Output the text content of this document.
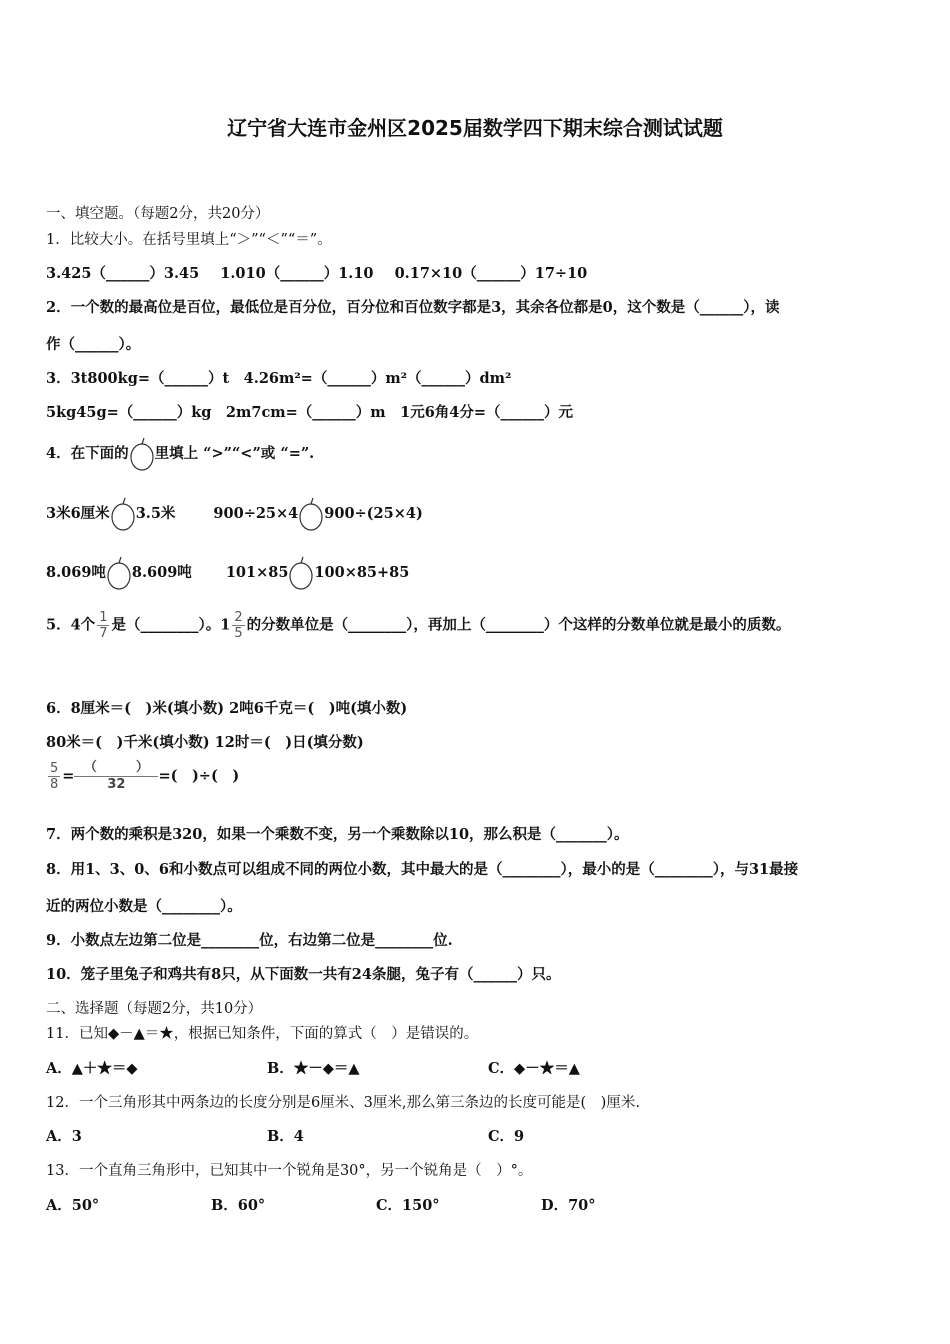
辽宁省大连市金州区2025届数学四下期末综合测试试题
一、填空题。（每题2分，共20分）
1．比较大小。在括号里填上“＞”“＜”“＝”。
3.425（______）3.45 1.010（______）1.10 0.17×10（______）17÷10
2．一个数的最高位是百位，最低位是百分位，百分位和百位数字都是3，其余各位都是0，这个数是（______），读
作（______）。
3．3t800kg=（______）t　4.26m²=（______）m²（______）dm²
5kg45g=（______）kg　2m7cm=（______）m　1元6角4分=（______）元
4．在下面的 里填上 “>”“<”或 “=”.
3米6厘米 3.5米	900÷25×4 900÷(25×4)
8.069吨 8.609吨 101×85 100×85+85
5．4个 $\frac{1}{7}$ 是（________）。$1 \frac{2}{5}$ 的分数单位是（________），再加上（________）个这样的分数单位就是最小的质数。
6．8厘米＝(　)米(填小数) 2吨6千克＝(　)吨(填小数)
80米＝(　)千米(填小数) 12时＝(　)日(填分数)
$\frac{5}{8} = \frac{( )}{32}$ =(　)÷(　)
7．两个数的乘积是320，如果一个乘数不变，另一个乘数除以10，那么积是（_______）。
8．用1、3、0、6和小数点可以组成不同的两位小数，其中最大的是（________），最小的是（________），与31最接
近的两位小数是（________）。
9．小数点左边第二位是________位，右边第二位是________位.
10．笼子里兔子和鸡共有8只，从下面数一共有24条腿，兔子有（______）只。
二、选择题（每题2分，共10分）
11．已知◆－▲＝★，根据已知条件，下面的算式（　）是错误的。
A．▲＋★＝◆	B．★－◆＝▲	C．◆－★＝▲
12．一个三角形其中两条边的长度分别是6厘米、3厘米,那么第三条边的长度可能是(　)厘米.
A．3	B．4	C．9
13．一个直角三角形中，已知其中一个锐角是30°，另一个锐角是（　）°。
A．50°	B．60°	C．150°	D．70°
